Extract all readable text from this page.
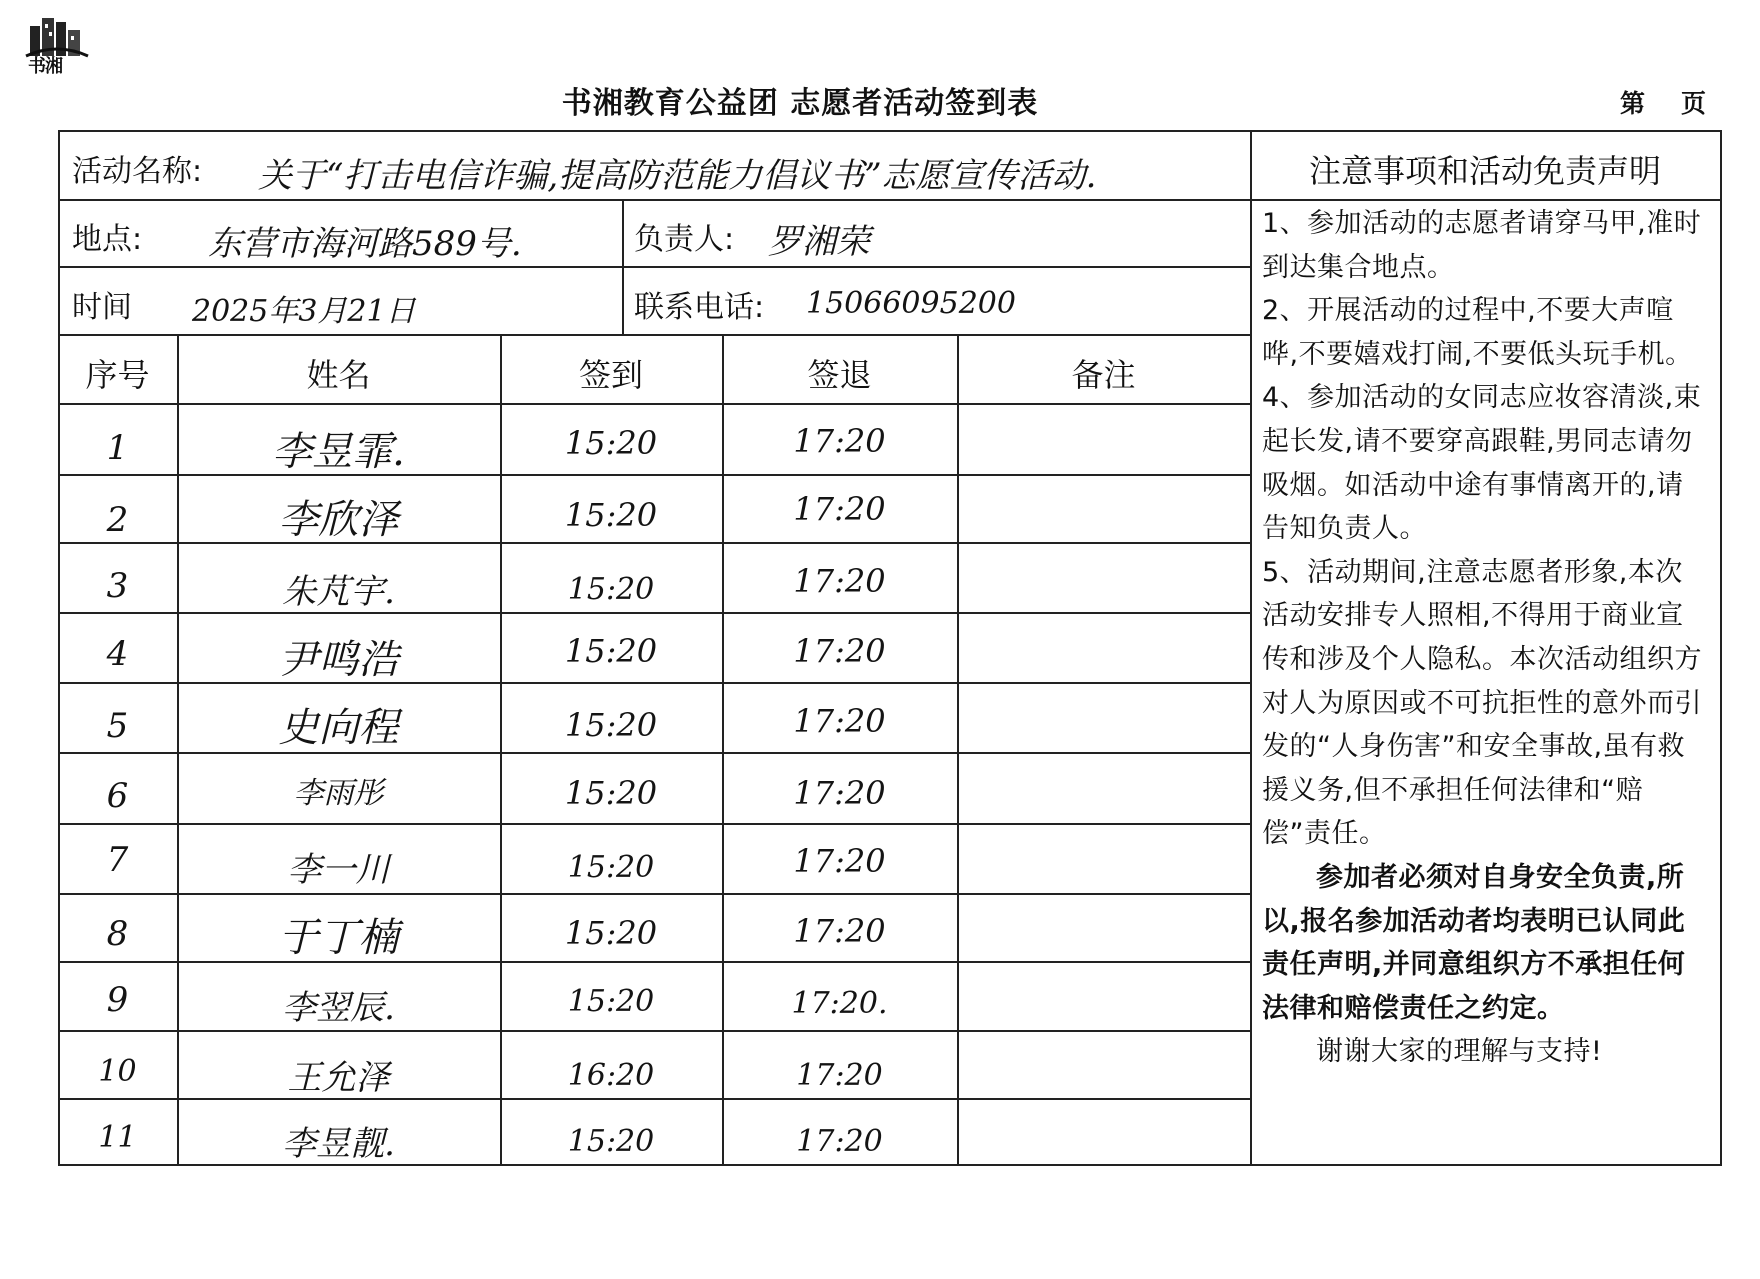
书湘
书湘教育公益团 志愿者活动签到表	第 页
活动名称: 关于“打击电信诈骗,提高防范能力倡议书”志愿宣传活动.
地点: 东营市海河路589号.	负责人: 罗湘荣
时间 2025年3月21日	联系电话: 15066095200
序号	姓名	签到	签退	备注
1	李昱霏.	15:20	17:20
2	李欣泽	15:20	17:20
3	朱芃宇.	15:20	17:20
4	尹鸣浩	15:20	17:20
5	史向程	15:20	17:20
6	李雨彤	15:20	17:20
7	李一川	15:20	17:20
8	于丁楠	15:20	17:20
9	李翌辰.	15:20	17:20.
10	王允泽	16:20	17:20
11	李昱靓.	15:20	17:20
注意事项和活动免责声明

1、参加活动的志愿者请穿马甲,准时到达集合地点。

2、开展活动的过程中,不要大声喧哗,不要嬉戏打闹,不要低头玩手机。

4、参加活动的女同志应妆容清淡,束起长发,请不要穿高跟鞋,男同志请勿吸烟。如活动中途有事情离开的,请告知负责人。

5、活动期间,注意志愿者形象,本次活动安排专人照相,不得用于商业宣传和涉及个人隐私。本次活动组织方对人为原因或不可抗拒性的意外而引发的“人身伤害”和安全事故,虽有救援义务,但不承担任何法律和“赔偿”责任。

参加者必须对自身安全负责,所以,报名参加活动者均表明已认同此责任声明,并同意组织方不承担任何法律和赔偿责任之约定。

谢谢大家的理解与支持!
